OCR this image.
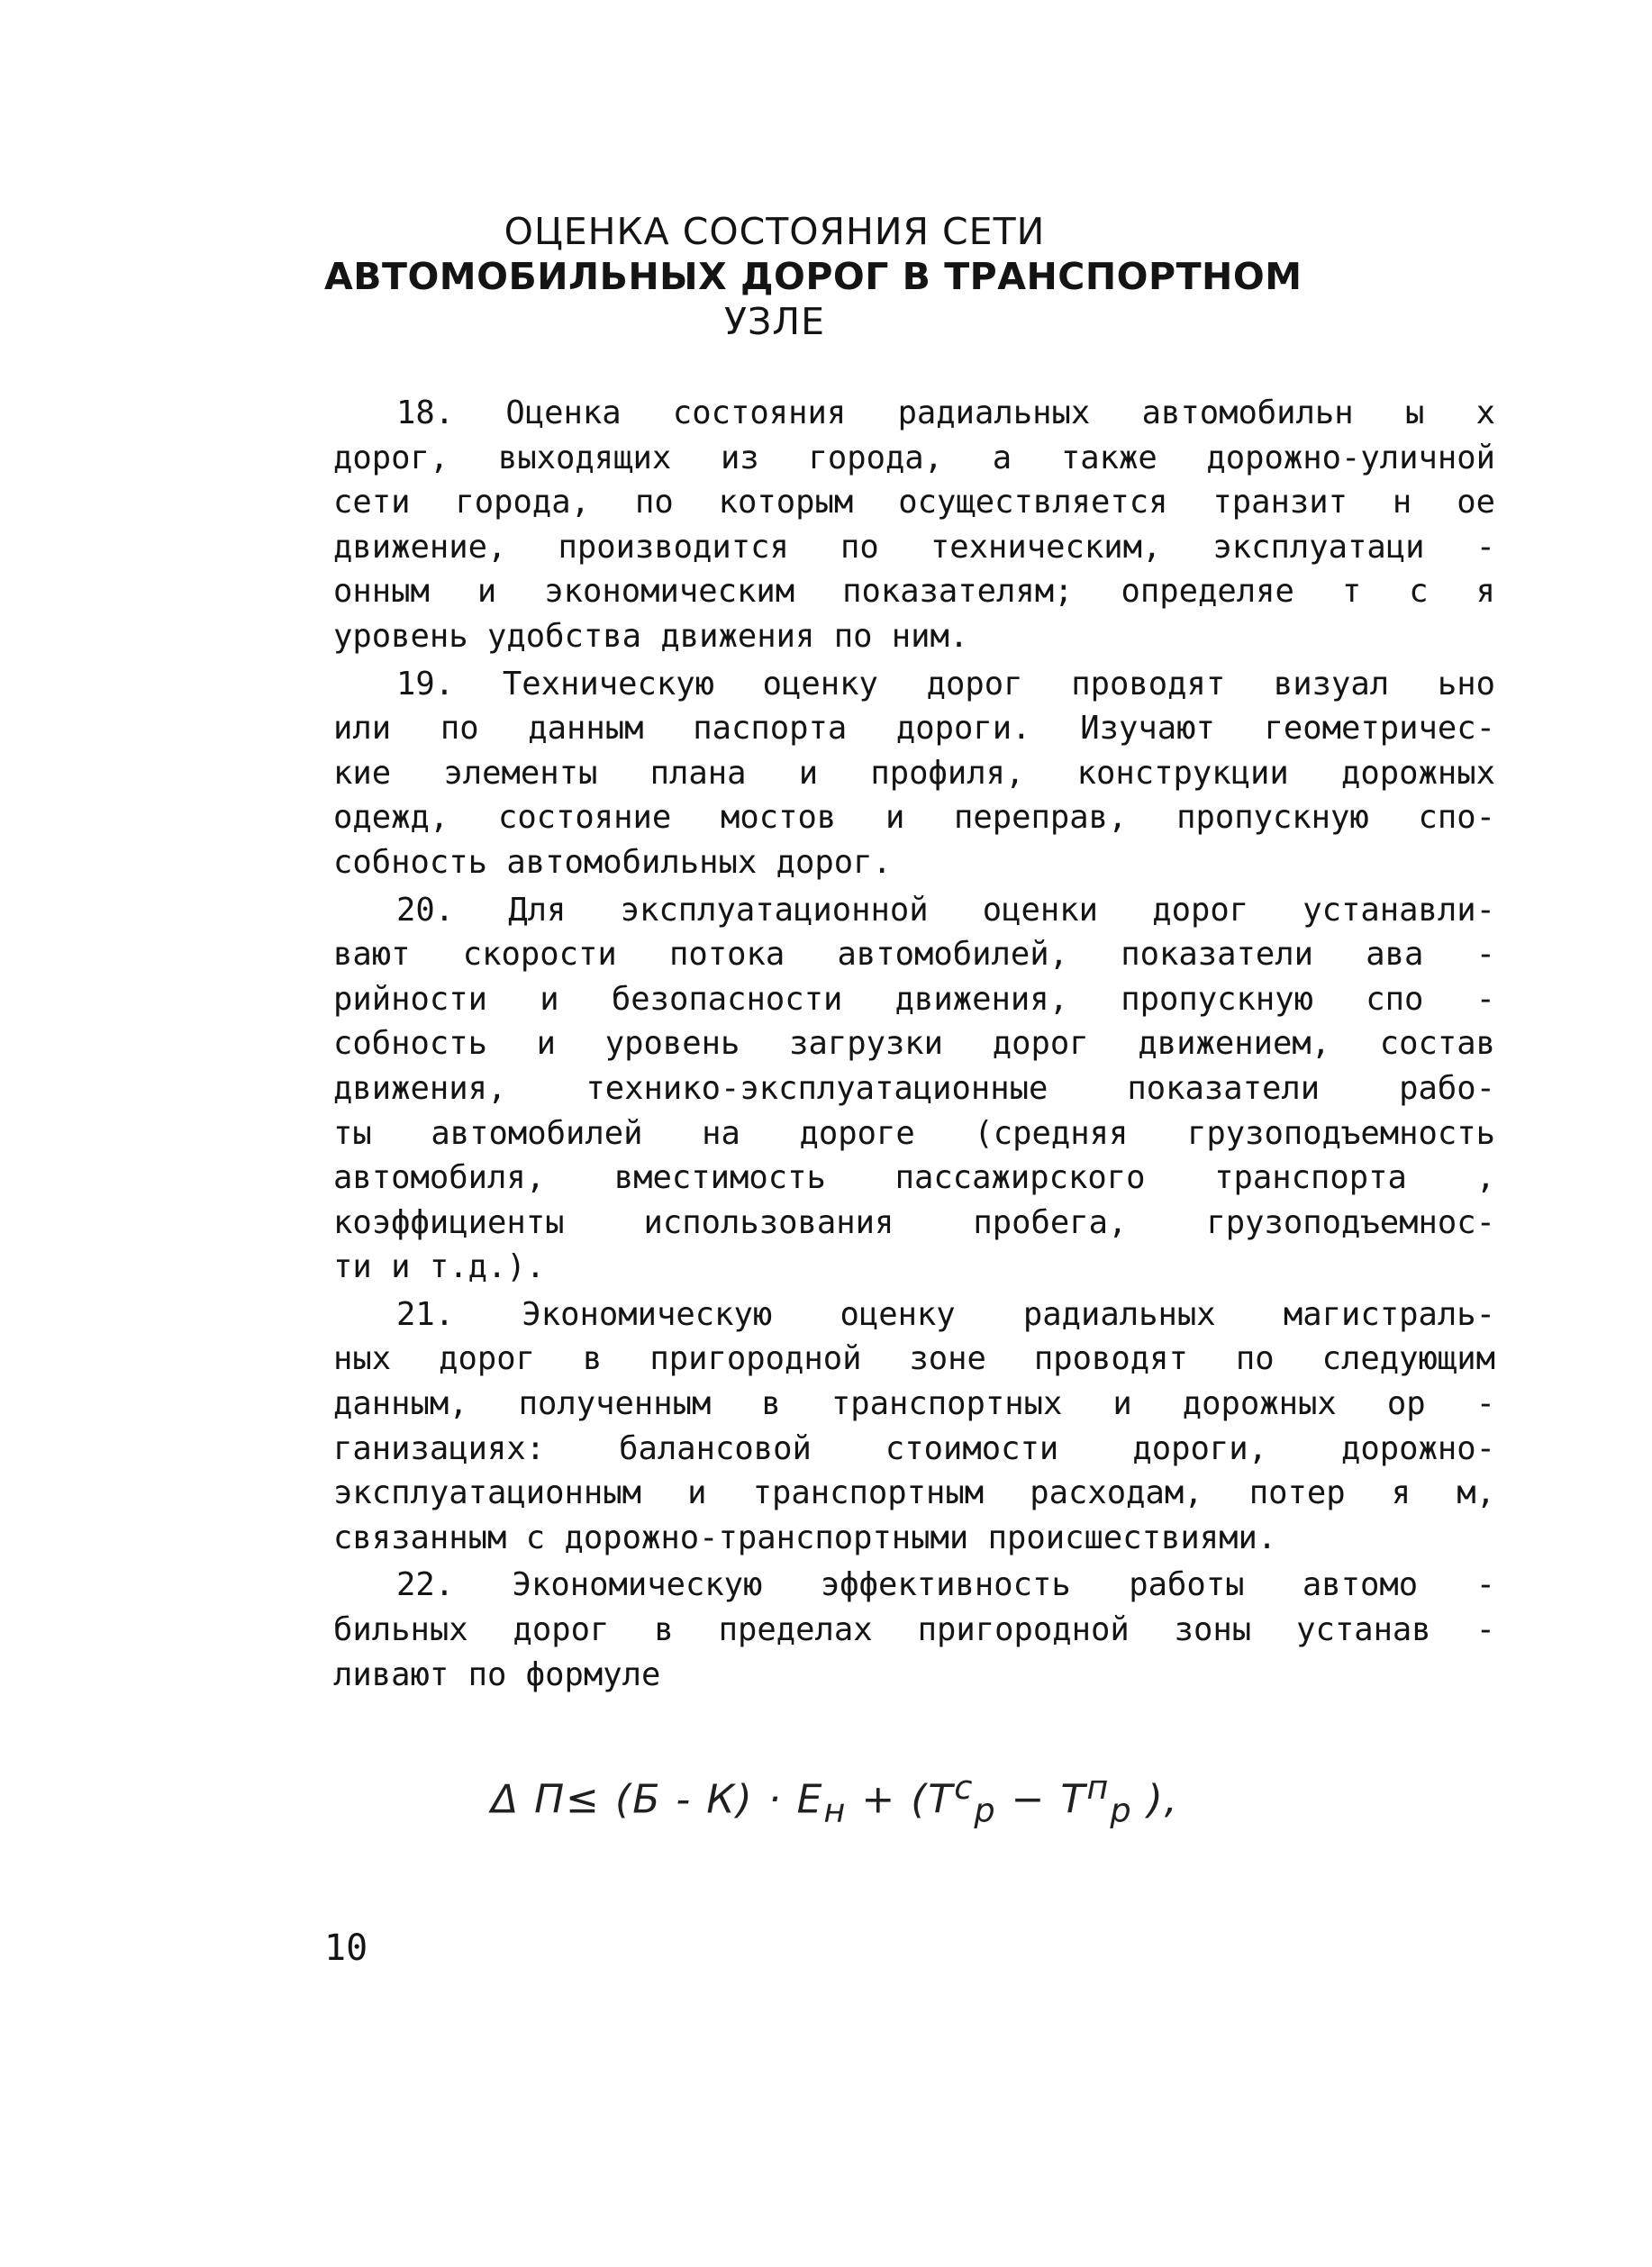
ОЦЕНКА СОСТОЯНИЯ СЕТИ
АВТОМОБИЛЬНЫХ ДОРОГ В ТРАНСПОРТНОМ
УЗЛЕ
18. Оценка состояния радиальных автомобильн ы х
дорог, выходящих из города, а также дорожно-уличной
сети города, по которым осуществляется транзит н ое
движение, производится по техническим, эксплуатаци -
онным и экономическим показателям; определяе т с я
уровень удобства движения по ним.
19. Техническую оценку дорог проводят визуал ьно
или по данным паспорта дороги. Изучают геометричес-
кие элементы плана и профиля, конструкции дорожных
одежд, состояние мостов и переправ, пропускную спо-
собность автомобильных дорог.
20. Для эксплуатационной оценки дорог устанавли-
вают скорости потока автомобилей, показатели ава -
рийности и безопасности движения, пропускную спо -
собность и уровень загрузки дорог движением, состав
движения, технико-эксплуатационные показатели рабо-
ты автомобилей на дороге (средняя грузоподъемность
автомобиля, вместимость пассажирского транспорта ,
коэффициенты использования пробега, грузоподъемнос-
ти и т.д.).
21. Экономическую оценку радиальных магистраль-
ных дорог в пригородной зоне проводят по следующим
данным, полученным в транспортных и дорожных ор -
ганизациях: балансовой стоимости дороги, дорожно-
эксплуатационным и транспортным расходам, потер я м,
связанным с дорожно-транспортными происшествиями.
22. Экономическую эффективность работы автомо -
бильных дорог в пределах пригородной зоны устанав -
ливают по формуле
Δ $П\le (Б - К) \cdot E_н + (T^с_р - T^п_р$ ),
10
